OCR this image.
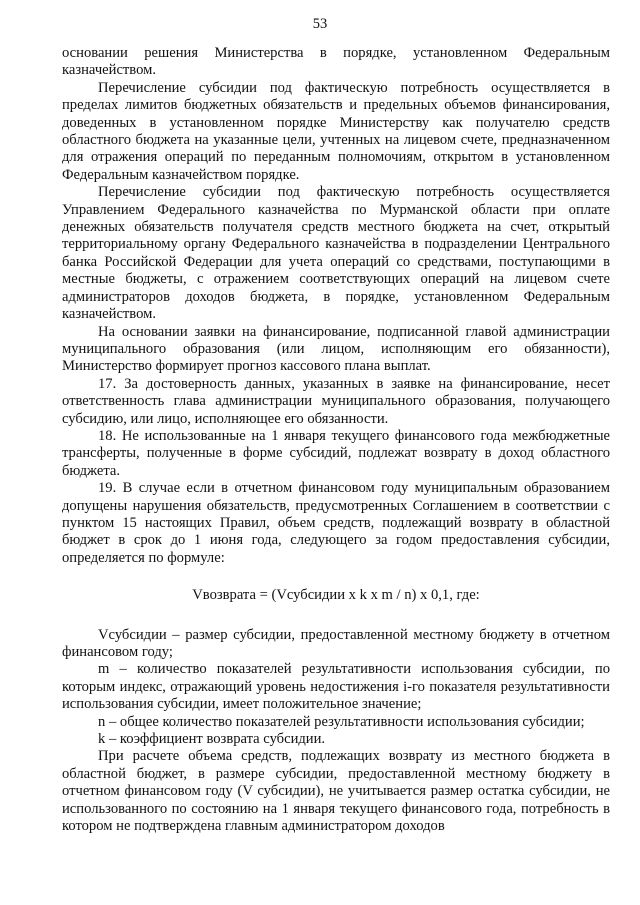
53

основании решения Министерства в порядке, установленном Федеральным казначейством.

Перечисление субсидии под фактическую потребность осуществляется в пределах лимитов бюджетных обязательств и предельных объемов финансирования, доведенных в установленном порядке Министерству как получателю средств областного бюджета на указанные цели, учтенных на лицевом счете, предназначенном для отражения операций по переданным полномочиям, открытом в установленном Федеральным казначейством порядке.

Перечисление субсидии под фактическую потребность осуществляется Управлением Федерального казначейства по Мурманской области при оплате денежных обязательств получателя средств местного бюджета на счет, открытый территориальному органу Федерального казначейства в подразделении Центрального банка Российской Федерации для учета операций со средствами, поступающими в местные бюджеты, с отражением соответствующих операций на лицевом счете администраторов доходов бюджета, в порядке, установленном Федеральным казначейством.

На основании заявки на финансирование, подписанной главой администрации муниципального образования (или лицом, исполняющим его обязанности), Министерство формирует прогноз кассового плана выплат.

17. За достоверность данных, указанных в заявке на финансирование, несет ответственность глава администрации муниципального образования, получающего субсидию, или лицо, исполняющее его обязанности.

18. Не использованные на 1 января текущего финансового года межбюджетные трансферты, полученные в форме субсидий, подлежат возврату в доход областного бюджета.

19. В случае если в отчетном финансовом году муниципальным образованием допущены нарушения обязательств, предусмотренных Соглашением в соответствии с пунктом 15 настоящих Правил, объем средств, подлежащий возврату в областной бюджет в срок до 1 июня года, следующего за годом предоставления субсидии, определяется по формуле:

Vвозврата = (Vсубсидии x k x m / n) x 0,1, где:

Vсубсидии – размер субсидии, предоставленной местному бюджету в отчетном финансовом году;

m – количество показателей результативности использования субсидии, по которым индекс, отражающий уровень недостижения i-го показателя результативности использования субсидии, имеет положительное значение;

n – общее количество показателей результативности использования субсидии;

k – коэффициент возврата субсидии.

При расчете объема средств, подлежащих возврату из местного бюджета в областной бюджет, в размере субсидии, предоставленной местному бюджету в отчетном финансовом году (V субсидии), не учитывается размер остатка субсидии, не использованного по состоянию на 1 января текущего финансового года, потребность в котором не подтверждена главным администратором доходов
